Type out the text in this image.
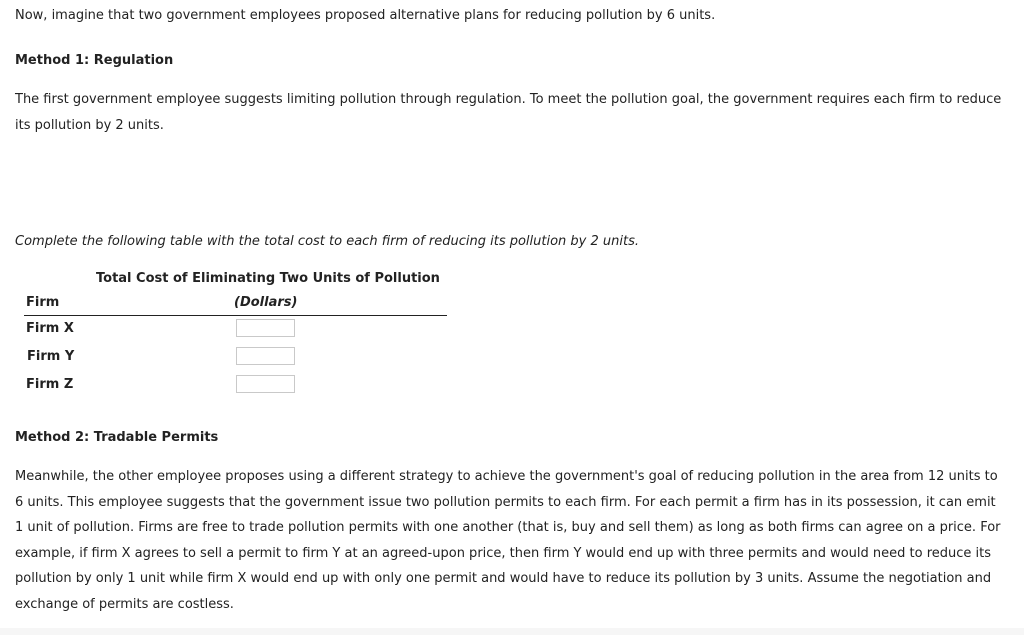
Now, imagine that two government employees proposed alternative plans for reducing pollution by 6 units.
Method 1: Regulation
The first government employee suggests limiting pollution through regulation. To meet the pollution goal, the government requires each firm to reduce its pollution by 2 units.
Complete the following table with the total cost to each firm of reducing its pollution by 2 units.
Total Cost of Eliminating Two Units of Pollution
Firm	(Dollars)
Firm X
Firm Y
Firm Z
Method 2: Tradable Permits
Meanwhile, the other employee proposes using a different strategy to achieve the government's goal of reducing pollution in the area from 12 units to 6 units. This employee suggests that the government issue two pollution permits to each firm. For each permit a firm has in its possession, it can emit 1 unit of pollution. Firms are free to trade pollution permits with one another (that is, buy and sell them) as long as both firms can agree on a price. For example, if firm X agrees to sell a permit to firm Y at an agreed-upon price, then firm Y would end up with three permits and would need to reduce its pollution by only 1 unit while firm X would end up with only one permit and would have to reduce its pollution by 3 units. Assume the negotiation and exchange of permits are costless.
